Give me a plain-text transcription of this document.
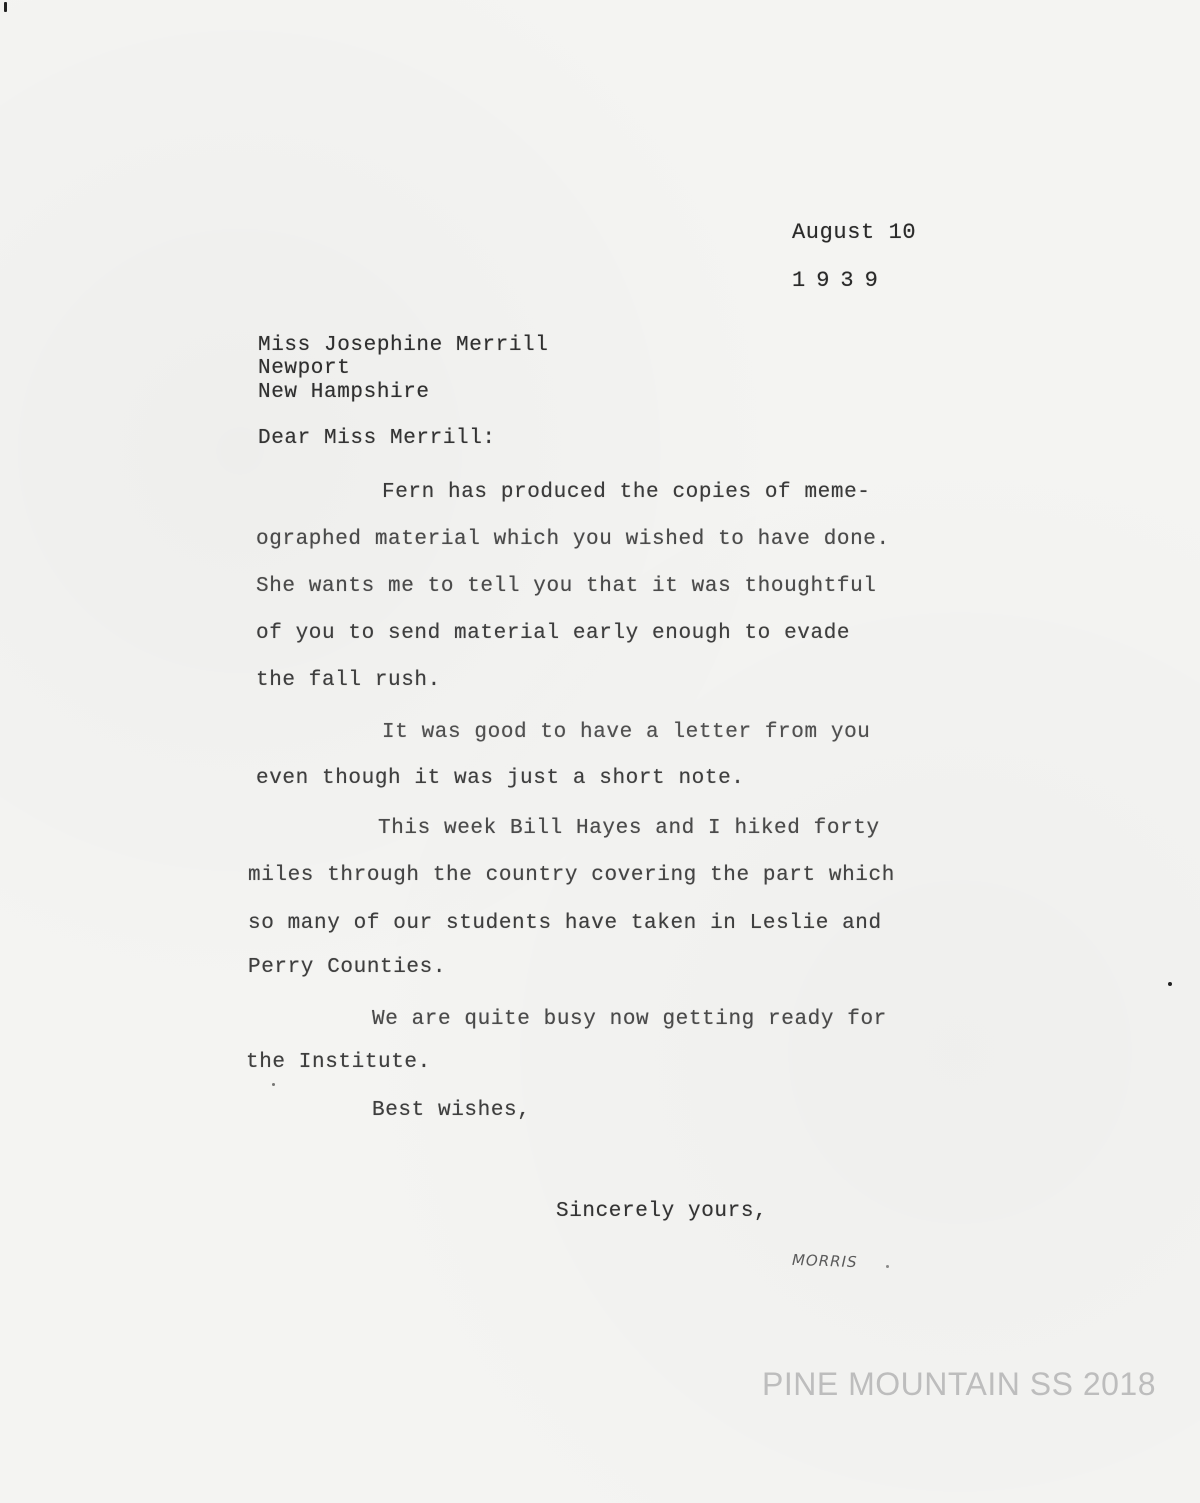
August 10
1939
Miss Josephine Merrill
Newport
New Hampshire
Dear Miss Merrill:
Fern has produced the copies of meme-
ographed material which you wished to have done.
She wants me to tell you that it was thoughtful
of you to send material early enough to evade
the fall rush.
It was good to have a letter from you
even though it was just a short note.
This week Bill Hayes and I hiked forty
miles through the country covering the part which
so many of our students have taken in Leslie and
Perry Counties.
We are quite busy now getting ready for
the Institute.
Best wishes,
Sincerely yours,
MORRIS
PINE MOUNTAIN SS 2018
